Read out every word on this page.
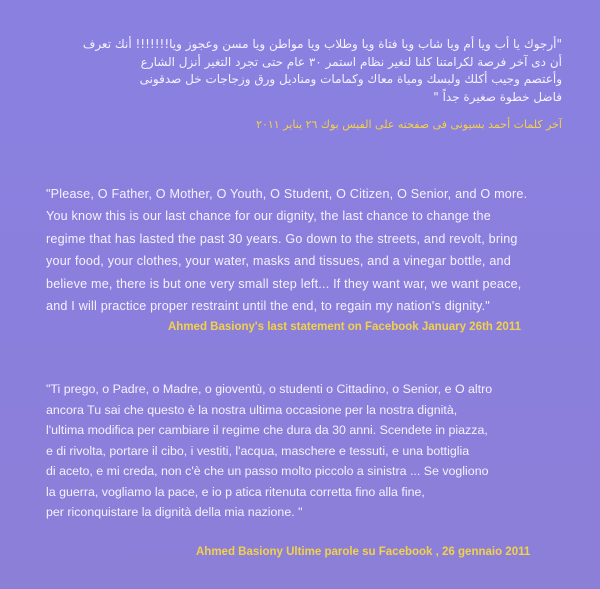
"أرجوك يا أب ويا أم ويا شاب ويا فتاة ويا وطلاب ويا مواطن ويا مسن وعجوز ويا!!!!!!! أنك تعرف

أن دى آخر فرصة لكرامتنا كلنا لتغير نظام استمر ٣٠ عام حتى تجرد التغير أنزل الشارع

وأعتصم وجيب أكلك ولبسك ومياة معاك وكمامات ومناديل ورق وزجاجات خل صدقونى

فاضل خطوة صغيرة جداً "

آخر كلمات أحمد بسيونى فى صفحته على الفيس بوك ٢٦ يناير ٢٠١١

"Please, O Father, O Mother, O Youth, O Student, O Citizen, O Senior, and O more.

You know this is our last chance for our dignity, the last chance to change the

regime that has lasted the past 30 years. Go down to the streets, and revolt, bring

your food, your clothes, your water, masks and tissues, and a vinegar bottle, and

believe me, there is but one very small step left... If they want war, we want peace,

and I will practice proper restraint until the end, to regain my nation's dignity."

Ahmed Basiony's last statement on Facebook January 26th 2011

"Ti prego, o Padre, o Madre, o gioventù, o studenti o Cittadino, o Senior, e O altro

ancora Tu sai che questo è la nostra ultima occasione per la nostra dignità,

l'ultima modifica per cambiare il regime che dura da 30 anni. Scendete in piazza,

e di rivolta, portare il cibo, i vestiti, l'acqua, maschere e tessuti, e una bottiglia

di aceto, e mi creda, non c'è che un passo molto piccolo a sinistra ... Se vogliono

la guerra, vogliamo la pace, e io p atica ritenuta corretta fino alla fine,

per riconquistare la dignità della mia nazione. "

Ahmed Basiony Ultime parole su Facebook , 26 gennaio 2011
